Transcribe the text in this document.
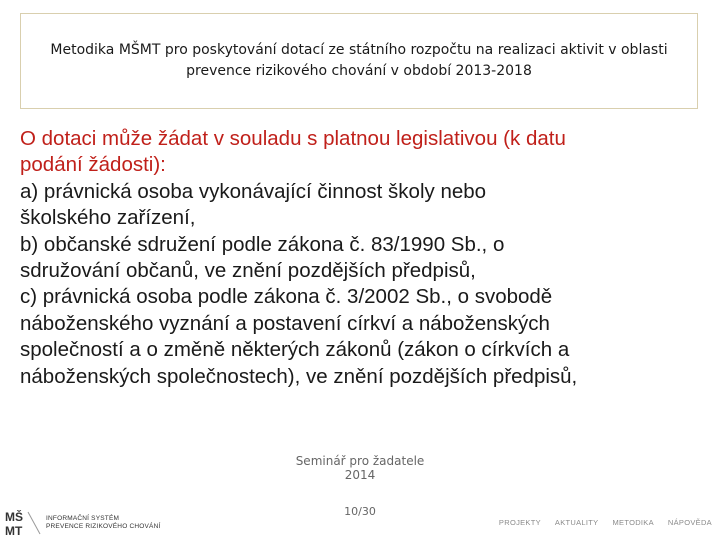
Metodika MŠMT pro poskytování dotací ze státního rozpočtu na realizaci aktivit v oblasti
prevence rizikového chování v období 2013-2018
O dotaci může žádat v souladu s platnou legislativou (k datu
podání žádosti):
a) právnická osoba vykonávající činnost školy nebo
školského zařízení,
b) občanské sdružení podle zákona č. 83/1990 Sb., o
sdružování občanů, ve znění pozdějších předpisů,
c) právnická osoba podle zákona č. 3/2002 Sb., o svobodě
náboženského vyznání a postavení církví a náboženských
společností a o změně některých zákonů (zákon o církvích a
náboženských společnostech), ve znění pozdějších předpisů,
Seminář pro žadatele
2014
10/30
MŠ
MT
INFORMAČNÍ SYSTÉM
PREVENCE RIZIKOVÉHO CHOVÁNÍ	PROJEKTY AKTUALITY METODIKA NÁPOVĚDA
